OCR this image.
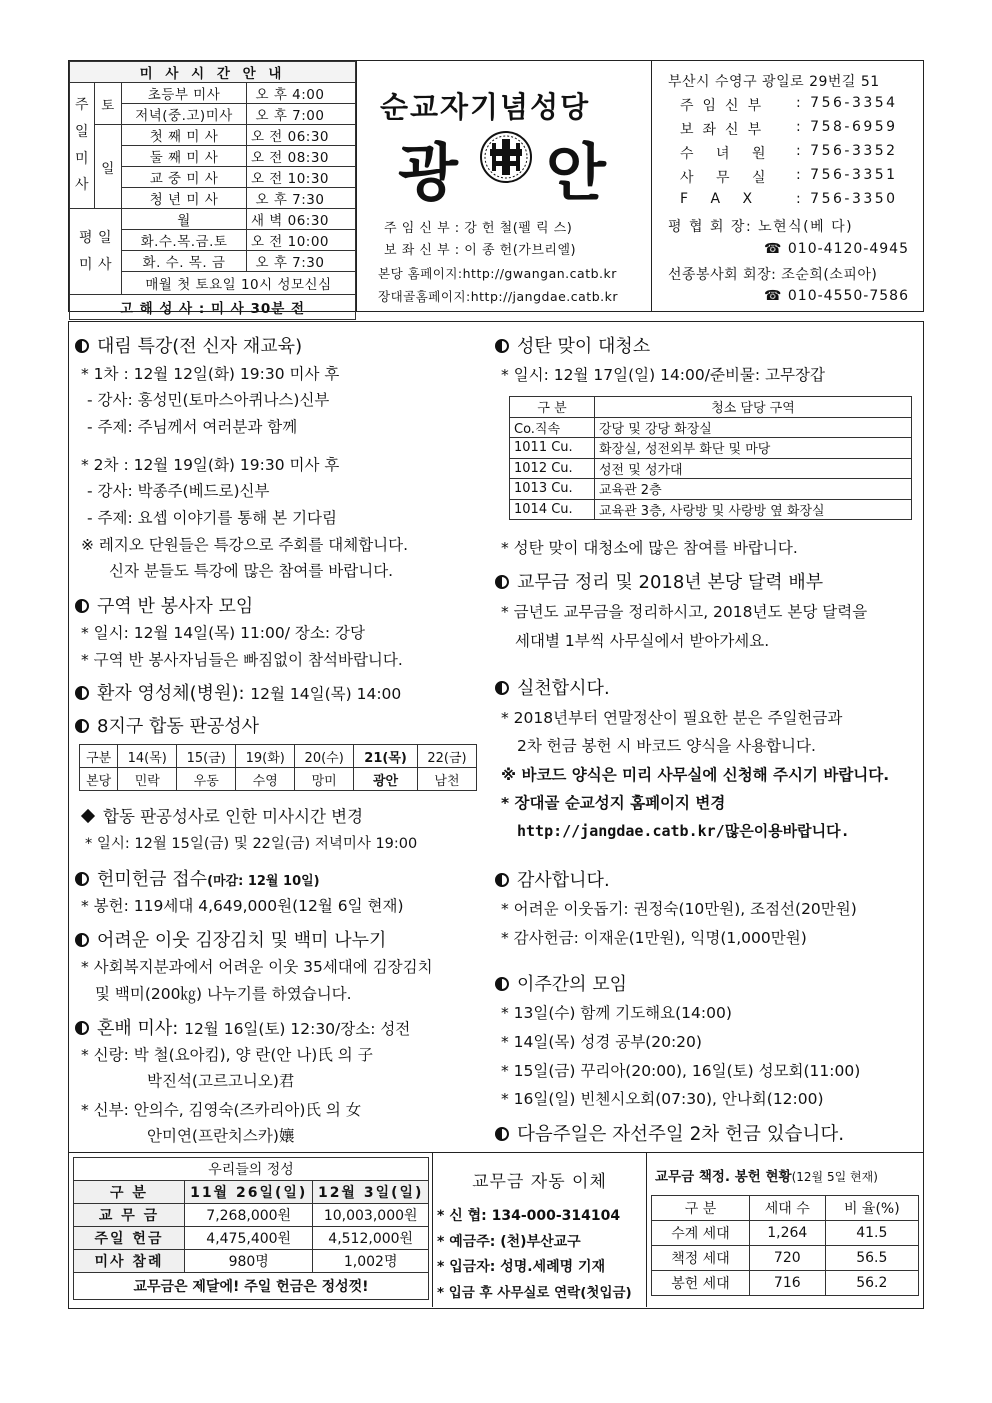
미 사 시 간 안 내		
주 일 미 사	토	초등부 미사 오 후 4:00
		저녁(중.고)미사 오 후 7:00
	일	첫 째 미 사 오 전 06:30
		둘 째 미 사 오 전 08:30
		교 중 미 사 오 전 10:30
		청 년 미 사 오 후 7:30
평 일 미 사		월 새 벽 06:30
		화.수.목.금.토 오 전 10:00
		화. 수. 목. 금 오 후 7:30
		매월 첫 토요일 10시 성모신심
고 해 성 사 : 미 사 30분 전		
순교자기념성당
광 안
주 임 신 부 : 강 헌 철(펠 릭 스)
보 좌 신 부 : 이 종 헌(가브리엘)
본당 홈페이지:http://gwangan.catb.kr
장대골홈페이지:http://jangdae.catb.kr
부산시 수영구 광일로 29번길 51
주임신부 : 756-3354
보좌신부 : 758-6959
수 녀 원 : 756-3352
사 무 실 : 756-3351
F A X : 756-3350
평 협 회 장: 노현식(베 다)
☎ 010-4120-4945
선종봉사회 회장: 조순희(소피아)
☎ 010-4550-7586
대림 특강(전 신자 재교육)
* 1차 : 12월 12일(화) 19:30 미사 후
- 강사: 홍성민(토마스아퀴나스)신부
- 주제: 주님께서 여러분과 함께
* 2차 : 12월 19일(화) 19:30 미사 후
- 강사: 박종주(베드로)신부
- 주제: 요셉 이야기를 통해 본 기다림
※ 레지오 단원들은 특강으로 주회를 대체합니다.
신자 분들도 특강에 많은 참여를 바랍니다.
구역 반 봉사자 모임
* 일시: 12월 14일(목) 11:00/ 장소: 강당
* 구역 반 봉사자님들은 빠짐없이 참석바랍니다.
환자 영성체(병원): 12월 14일(목) 14:00
8지구 합동 판공성사
구분	14(목)	15(금)	19(화)	20(수)	21(목)	22(금)
본당	민락	우동	수영	망미	광안	남천
합동 판공성사로 인한 미사시간 변경
* 일시: 12월 15일(금) 및 22일(금) 저녁미사 19:00
헌미헌금 접수(마감: 12월 10일)
* 봉헌: 119세대 4,649,000원(12월 6일 현재)
어려운 이웃 김장김치 및 백미 나누기
* 사회복지분과에서 어려운 이웃 35세대에 김장김치
및 백미(200㎏) 나누기를 하였습니다.
혼배 미사: 12월 16일(토) 12:30/장소: 성전
* 신랑: 박 철(요아킴), 양 란(안 나)氏 의 子
박진석(고르고니오)君
* 신부: 안의수, 김영숙(즈카리아)氏 의 女
안미연(프란치스카)孃
성탄 맞이 대청소
* 일시: 12월 17일(일) 14:00/준비물: 고무장갑
구 분	청소 담당 구역
Co.직속	강당 및 강당 화장실
1011 Cu.	화장실, 성전외부 화단 및 마당
1012 Cu.	성전 및 성가대
1013 Cu.	교육관 2층
1014 Cu.	교육관 3층, 사랑방 및 사랑방 옆 화장실
* 성탄 맞이 대청소에 많은 참여를 바랍니다.
교무금 정리 및 2018년 본당 달력 배부
* 금년도 교무금을 정리하시고, 2018년도 본당 달력을
세대별 1부씩 사무실에서 받아가세요.
실천합시다.
* 2018년부터 연말정산이 필요한 분은 주일헌금과
2차 헌금 봉헌 시 바코드 양식을 사용합니다.
※ 바코드 양식은 미리 사무실에 신청해 주시기 바랍니다.
* 장대골 순교성지 홈페이지 변경
http://jangdae.catb.kr/많은이용바랍니다.
감사합니다.
* 어려운 이웃돕기: 권정숙(10만원), 조점선(20만원)
* 감사헌금: 이재운(1만원), 익명(1,000만원)
이주간의 모임
* 13일(수) 함께 기도해요(14:00)
* 14일(목) 성경 공부(20:20)
* 15일(금) 꾸리아(20:00), 16일(토) 성모회(11:00)
* 16일(일) 빈첸시오회(07:30), 안나회(12:00)
다음주일은 자선주일 2차 헌금 있습니다.
우리들의 정성		
구 분	11월 26일(일)	12월 3일(일)
교 무 금	7,268,000원	10,003,000원
주일 헌금	4,475,400원	4,512,000원
미사 참례	980명	1,002명
교무금은 제달에! 주일 헌금은 정성껏!		
교무금 자동 이체
* 신 협: 134-000-314104
* 예금주: (천)부산교구
* 입금자: 성명.세례명 기재
* 입금 후 사무실로 연락(첫입금)
교무금 책정. 봉헌 현황(12월 5일 현재)
구 분	세대 수	비 율(%)
수계 세대	1,264	41.5
책정 세대	720	56.5
봉헌 세대	716	56.2
